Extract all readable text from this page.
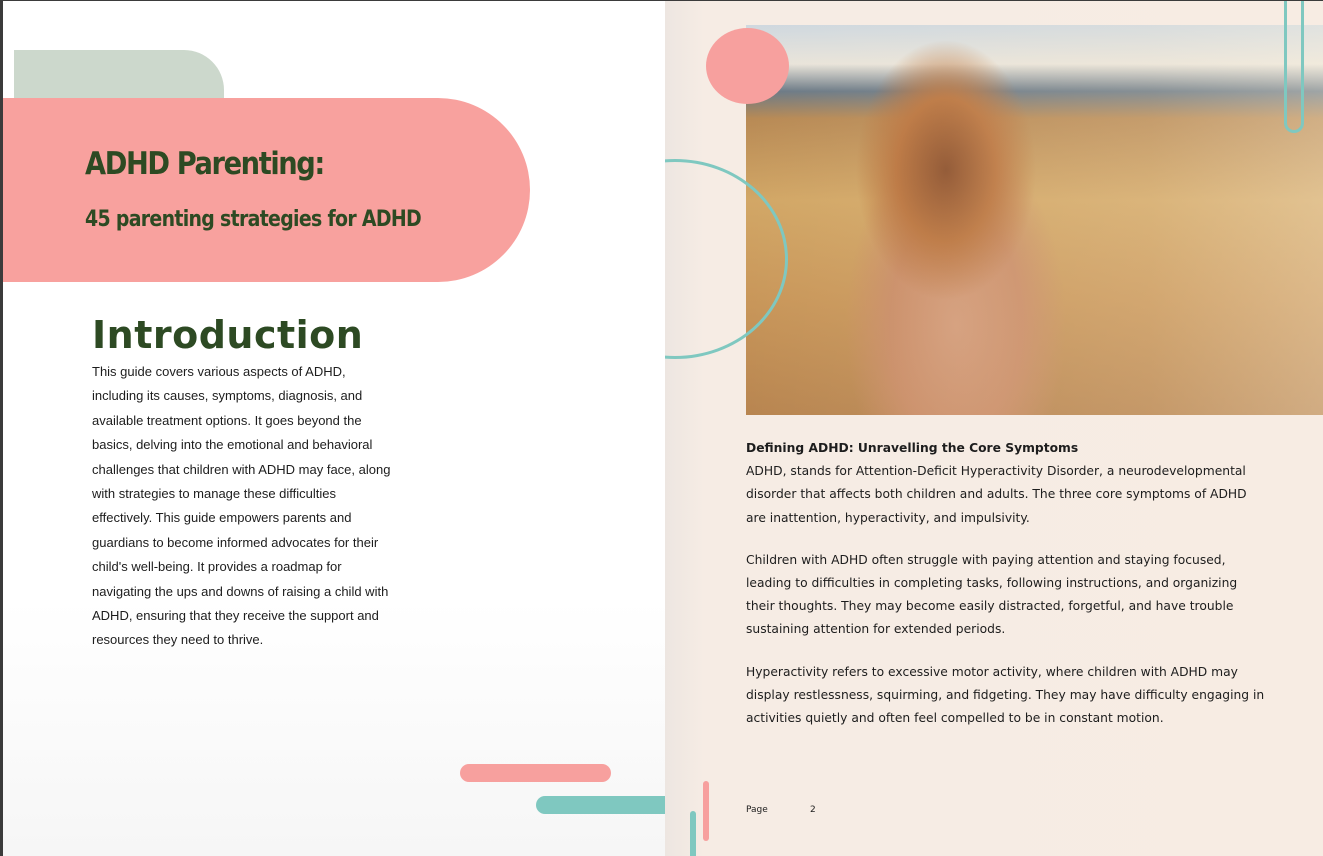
ADHD Parenting:
45 parenting strategies for ADHD
Introduction

This guide covers various aspects of ADHD, including its causes, symptoms, diagnosis, and available treatment options. It goes beyond the basics, delving into the emotional and behavioral challenges that children with ADHD may face, along with strategies to manage these difficulties effectively. This guide empowers parents and guardians to become informed advocates for their child's well-being. It provides a roadmap for navigating the ups and downs of raising a child with ADHD, ensuring that they receive the support and resources they need to thrive.

Defining ADHD: Unravelling the Core Symptoms

ADHD, stands for Attention-Deficit Hyperactivity Disorder, a neurodevelopmental disorder that affects both children and adults. The three core symptoms of ADHD are inattention, hyperactivity, and impulsivity.

Children with ADHD often struggle with paying attention and staying focused, leading to difficulties in completing tasks, following instructions, and organizing their thoughts. They may become easily distracted, forgetful, and have trouble sustaining attention for extended periods.

Hyperactivity refers to excessive motor activity, where children with ADHD may display restlessness, squirming, and fidgeting. They may have difficulty engaging in activities quietly and often feel compelled to be in constant motion.

Page	2
